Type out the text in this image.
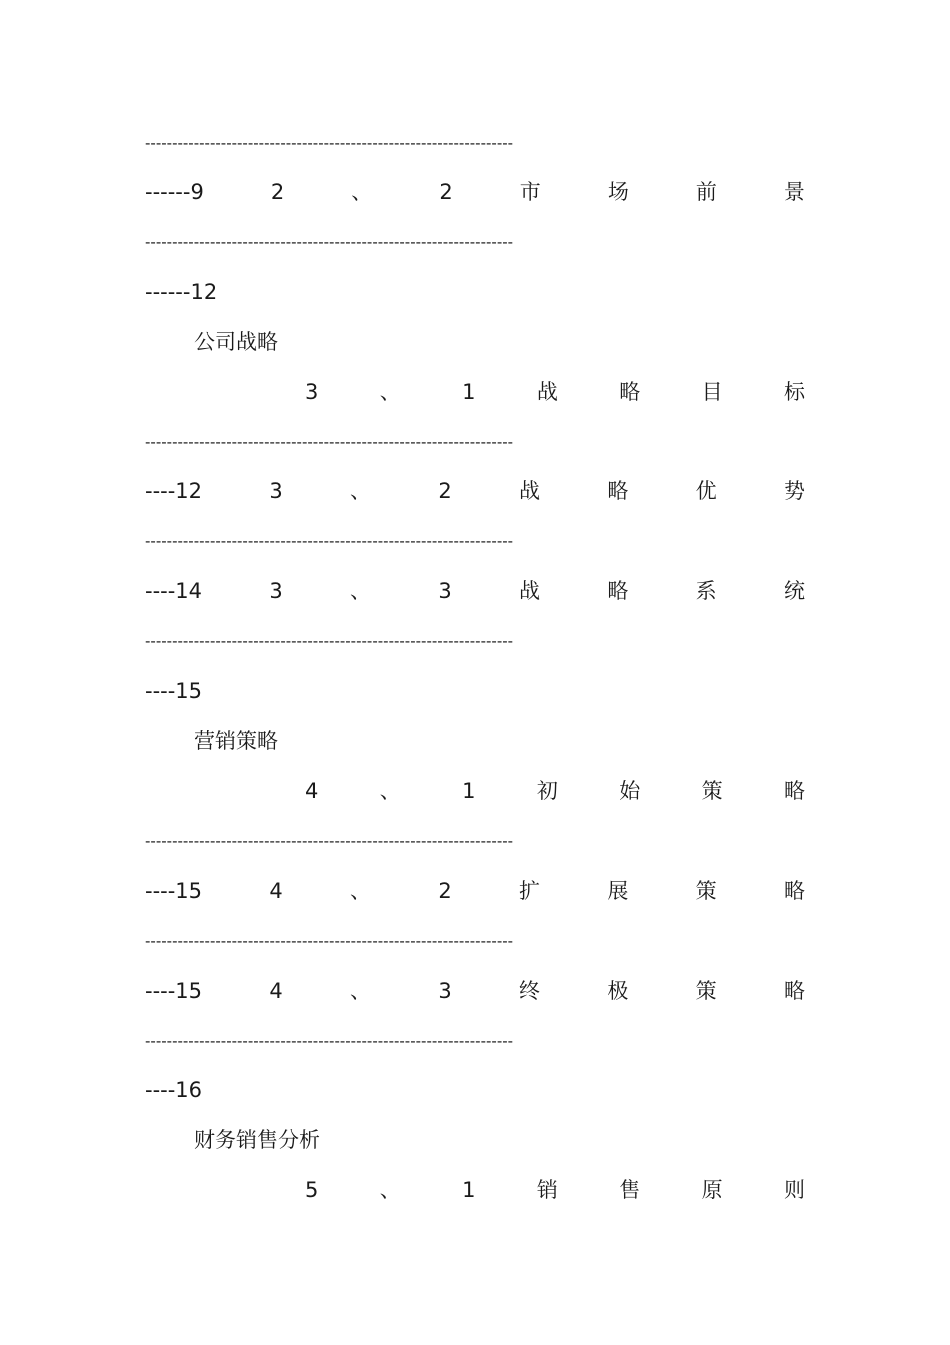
--------------------------------------------------------------------
------9	2	、	2	市	场	前	景
--------------------------------------------------------------------
------12
公司战略
3	、	1	战	略	目	标
--------------------------------------------------------------------
----12	3	、	2	战	略	优	势
--------------------------------------------------------------------
----14	3	、	3	战	略	系	统
--------------------------------------------------------------------
----15
营销策略
4	、	1	初	始	策	略
--------------------------------------------------------------------
----15	4	、	2	扩	展	策	略
--------------------------------------------------------------------
----15	4	、	3	终	极	策	略
--------------------------------------------------------------------
----16
财务销售分析
5	、	1	销	售	原	则
